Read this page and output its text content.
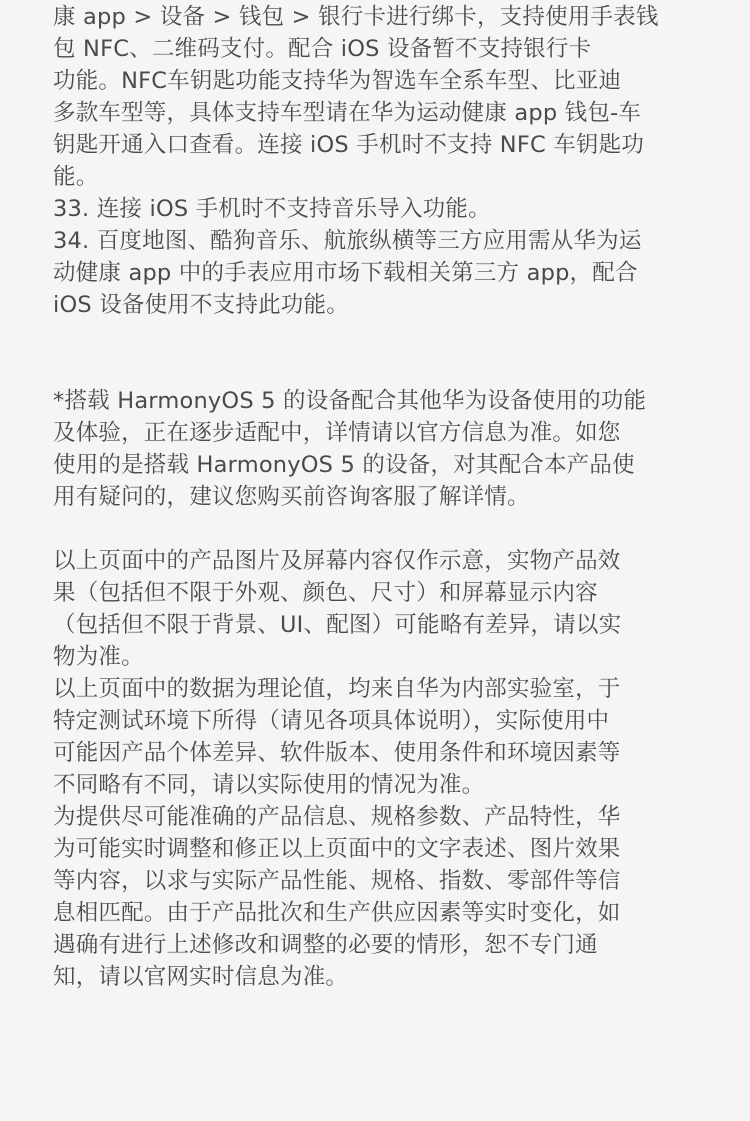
康 app > 设备 > 钱包 > 银行卡进行绑卡，支持使用手表钱
包 NFC、二维码支付。配合 iOS 设备暂不支持银行卡
功能。NFC车钥匙功能支持华为智选车全系车型、比亚迪
多款车型等，具体支持车型请在华为运动健康 app 钱包-车
钥匙开通入口查看。连接 iOS 手机时不支持 NFC 车钥匙功
能。
33. 连接 iOS 手机时不支持音乐导入功能。
34. 百度地图、酷狗音乐、航旅纵横等三方应用需从华为运
动健康 app 中的手表应用市场下载相关第三方 app，配合
iOS 设备使用不支持此功能。

*搭载 HarmonyOS 5 的设备配合其他华为设备使用的功能
及体验，正在逐步适配中，详情请以官方信息为准。如您
使用的是搭载 HarmonyOS 5 的设备，对其配合本产品使
用有疑问的，建议您购买前咨询客服了解详情。

以上页面中的产品图片及屏幕内容仅作示意，实物产品效
果（包括但不限于外观、颜色、尺寸）和屏幕显示内容
（包括但不限于背景、UI、配图）可能略有差异，请以实
物为准。
以上页面中的数据为理论值，均来自华为内部实验室，于
特定测试环境下所得（请见各项具体说明），实际使用中
可能因产品个体差异、软件版本、使用条件和环境因素等
不同略有不同，请以实际使用的情况为准。
为提供尽可能准确的产品信息、规格参数、产品特性，华
为可能实时调整和修正以上页面中的文字表述、图片效果
等内容，以求与实际产品性能、规格、指数、零部件等信
息相匹配。由于产品批次和生产供应因素等实时变化，如
遇确有进行上述修改和调整的必要的情形，恕不专门通
知，请以官网实时信息为准。
